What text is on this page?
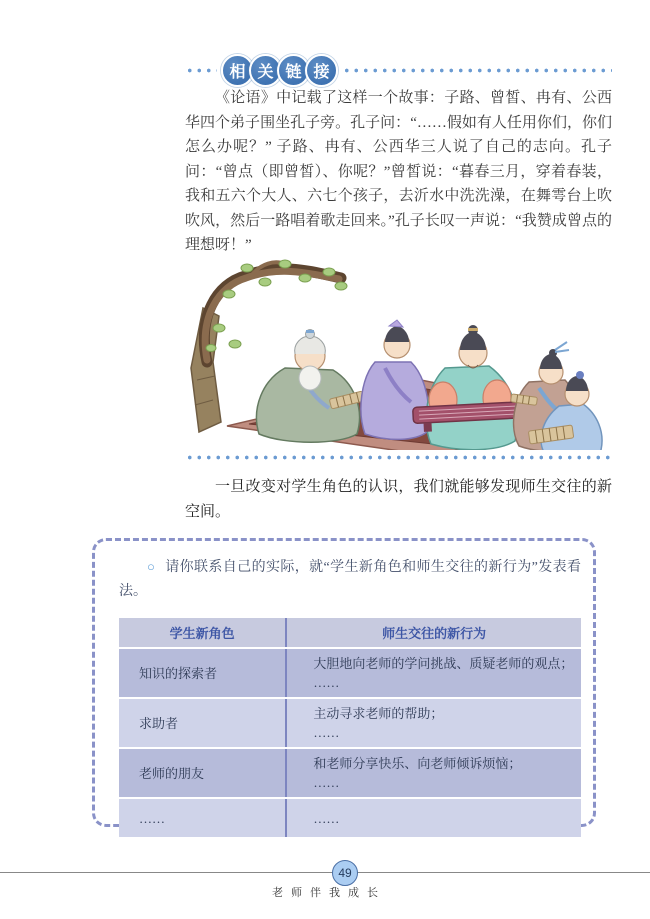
相 关 链 接

《论语》中记载了这样一个故事：子路、曾皙、冉有、公西华四个弟子围坐孔子旁。孔子问：“……假如有人任用你们，你们怎么办呢？” 子路、冉有、公西华三人说了自己的志向。孔子问：“曾点（即曾皙）、你呢？”曾皙说：“暮春三月，穿着春装，我和五六个大人、六七个孩子，去沂水中洗洗澡，在舞雩台上吹吹风，然后一路唱着歌走回来。”孔子长叹一声说：“我赞成曾点的理想呀！”

一旦改变对学生角色的认识，我们就能够发现师生交往的新空间。

○ 请你联系自己的实际，就“学生新角色和师生交往的新行为”发表看法。

学生新角色	师生交往的新行为
知识的探索者
大胆地向老师的学问挑战、质疑老师的观点；
……
求助者
主动寻求老师的帮助；
……
老师的朋友
和老师分享快乐、向老师倾诉烦恼；
……
……	……
49
老师伴我成长
